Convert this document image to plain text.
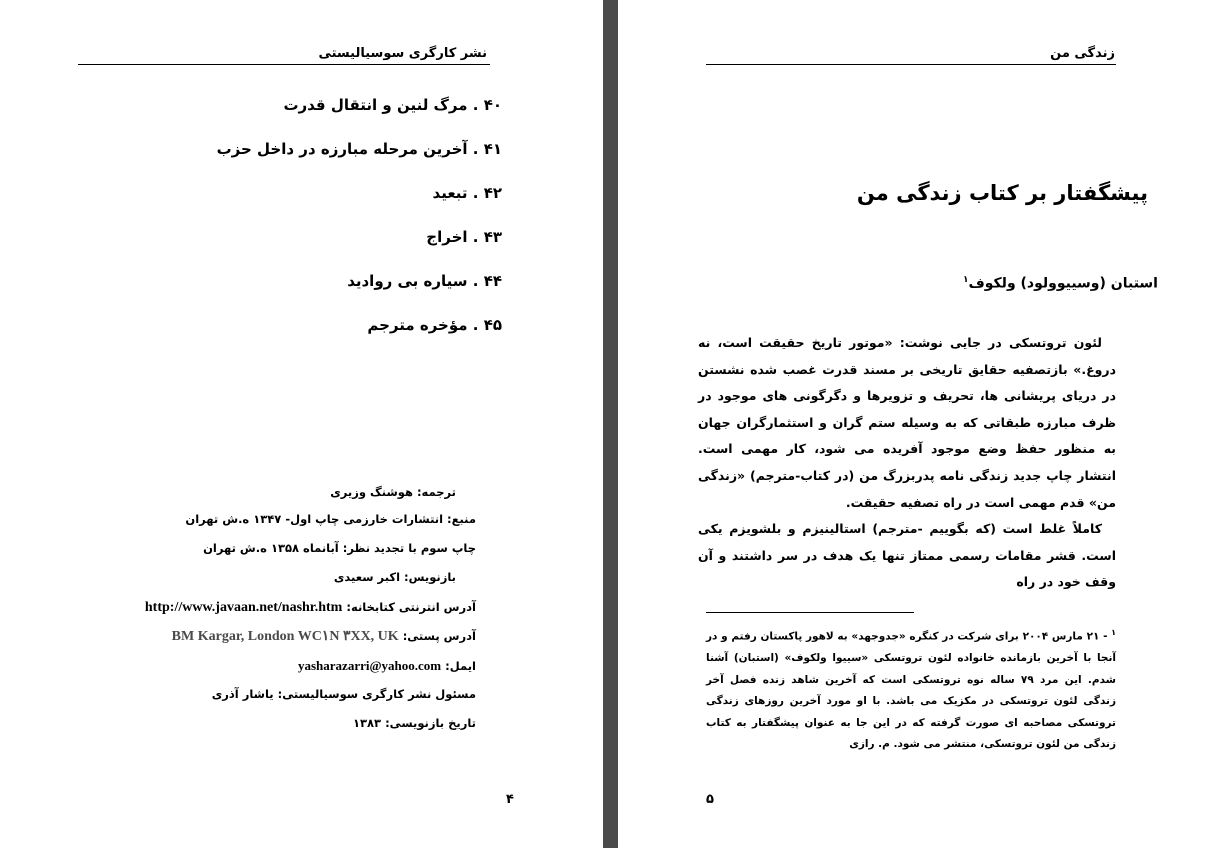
نشر کارگری سوسیالیستی
۴۰ . مرگ لنین و انتقال قدرت
۴۱ . آخرین مرحله مبارزه در داخل حزب
۴۲ . تبعید
۴۳ . اخراج
۴۴ . سیاره بی روادید
۴۵ . مؤخره مترجم
ترجمه: هوشنگ وزیری
منبع: انتشارات خارزمی چاپ اول- ۱۳۴۷ ه.ش تهران
چاپ سوم با تجدید نظر: آبانماه ۱۳۵۸ ه.ش تهران
بازنویس: اکبر سعیدی
آدرس انترنتی کتابخانه: http://www.javaan.net/nashr.htm
آدرس پستی: BM Kargar, London WC۱N ۳XX, UK
ایمل: yasharazarri@yahoo.com
مسئول نشر کارگری سوسیالیستی: یاشار آذری
تاریخ بازنویسی: ۱۳۸۳
۴
زندگی من
پیشگفتار بر کتاب زندگی من
استبان (وسییوولود) ولکوف$^۱$

لئون تروتسکی در جایی نوشت: «موتور تاریخ حقیقت است، نه دروغ.» بازتصفیه حقایق تاریخی بر مسند قدرت غصب شده نشستن در دریای پریشانی ها، تحریف و تزویرها و دگرگونی های موجود در ظرف مبارزه طبقاتی که به وسیله ستم گران و استثمارگران جهان به منظور حفظ وضع موجود آفریده می شود، کار مهمی است. انتشار چاپ جدید زندگی نامه پدربزرگ من (در کتاب-مترجم) «زندگی من» قدم مهمی است در راه تصفیه حقیقت.

کاملاً غلط است (که بگوییم -مترجم) استالینیزم و بلشویزم یکی است. قشر مقامات رسمی ممتاز تنها یک هدف در سر داشتند و آن وقف خود در راه

$^۱$ - ۲۱ مارس ۲۰۰۴ برای شرکت در کنگره «جدوجهد» به لاهور پاکستان رفتم و در آنجا با آخرین بازمانده خانواده لئون تروتسکی «سییوا ولکوف» (استبان) آشنا شدم. این مرد ۷۹ ساله نوه تروتسکی است که آخرین شاهد زنده فصل آخر زندگی لئون تروتسکی در مکزیک می باشد. با او مورد آخرین روزهای زندگی تروتسکی مصاحبه ای صورت گرفته که در این جا به عنوان پیشگفتار به کتاب زندگی من لئون تروتسکی، منتشر می شود. م. رازی
۵
